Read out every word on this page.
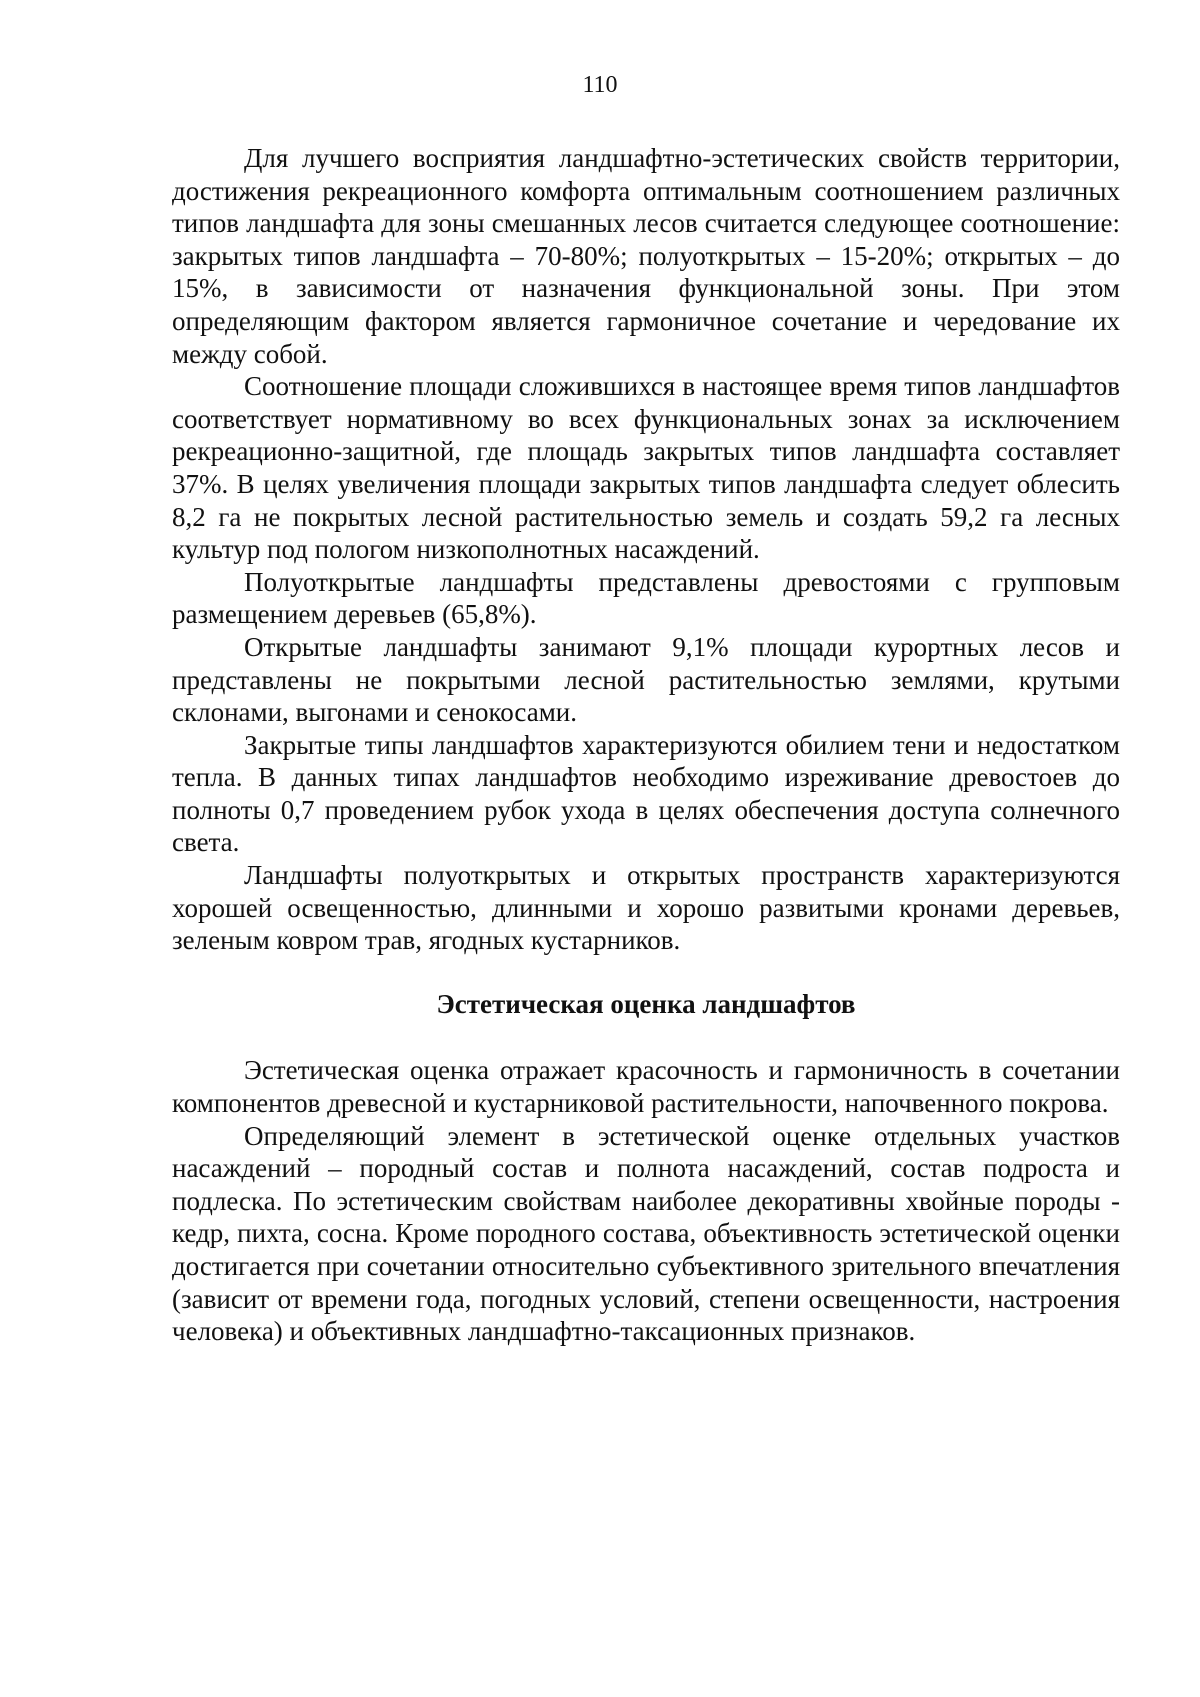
110

Для лучшего восприятия ландшафтно-эстетических свойств территории, достижения рекреационного комфорта оптимальным соотношением различных типов ландшафта для зоны смешанных лесов считается следующее соотношение: закрытых типов ландшафта – 70-80%; полуоткрытых – 15-20%; открытых – до 15%, в зависимости от назначения функциональной зоны. При этом определяющим фактором является гармоничное сочетание и чередование их между собой.

Соотношение площади сложившихся в настоящее время типов ландшафтов соответствует нормативному во всех функциональных зонах за исключением рекреационно-защитной, где площадь закрытых типов ландшафта составляет 37%. В целях увеличения площади закрытых типов ландшафта следует облесить 8,2 га не покрытых лесной растительностью земель и создать 59,2 га лесных культур под пологом низкополнотных насаждений.

Полуоткрытые ландшафты представлены древостоями с групповым размещением деревьев (65,8%).

Открытые ландшафты занимают 9,1% площади курортных лесов и представлены не покрытыми лесной растительностью землями, крутыми склонами, выгонами и сенокосами.

Закрытые типы ландшафтов характеризуются обилием тени и недостатком тепла. В данных типах ландшафтов необходимо изреживание древостоев до полноты 0,7 проведением рубок ухода в целях обеспечения доступа солнечного света.

Ландшафты полуоткрытых и открытых пространств характеризуются хорошей освещенностью, длинными и хорошо развитыми кронами деревьев, зеленым ковром трав, ягодных кустарников.

Эстетическая оценка ландшафтов

Эстетическая оценка отражает красочность и гармоничность в сочетании компонентов древесной и кустарниковой растительности, напочвенного покрова.

Определяющий элемент в эстетической оценке отдельных участков насаждений – породный состав и полнота насаждений, состав подроста и подлеска. По эстетическим свойствам наиболее декоративны хвойные породы - кедр, пихта, сосна. Кроме породного состава, объективность эстетической оценки достигается при сочетании относительно субъективного зрительного впечатления (зависит от времени года, погодных условий, степени освещенности, настроения человека) и объективных ландшафтно-таксационных признаков.
